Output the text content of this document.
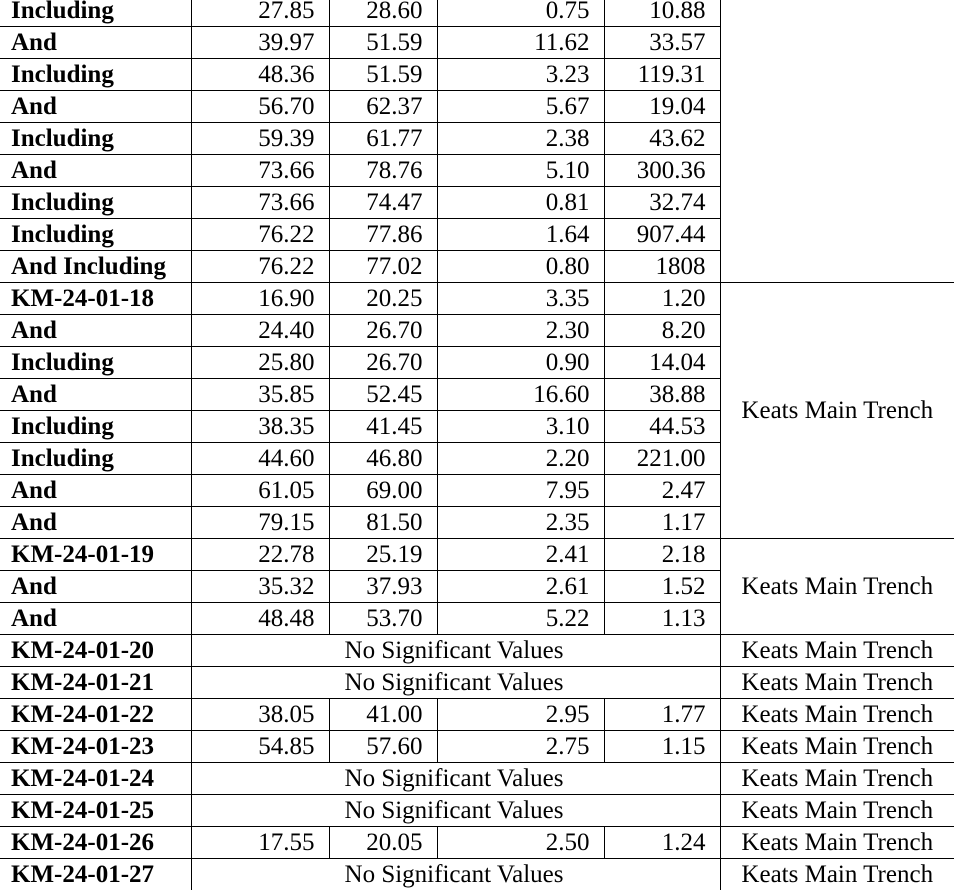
Including	27.85	28.60	0.75	10.88	
And	39.97	51.59	11.62	33.57	
Including	48.36	51.59	3.23	119.31	
And	56.70	62.37	5.67	19.04	
Including	59.39	61.77	2.38	43.62	
And	73.66	78.76	5.10	300.36	
Including	73.66	74.47	0.81	32.74	
Including	76.22	77.86	1.64	907.44	
And Including	76.22	77.02	0.80	1808	
KM-24-01-18	16.90	20.25	3.35	1.20	Keats Main Trench
And	24.40	26.70	2.30	8.20	
Including	25.80	26.70	0.90	14.04	
And	35.85	52.45	16.60	38.88	
Including	38.35	41.45	3.10	44.53	
Including	44.60	46.80	2.20	221.00	
And	61.05	69.00	7.95	2.47	
And	79.15	81.50	2.35	1.17	
KM-24-01-19	22.78	25.19	2.41	2.18	Keats Main Trench
And	35.32	37.93	2.61	1.52	
And	48.48	53.70	5.22	1.13	
KM-24-01-20	No Significant Values				Keats Main Trench
KM-24-01-21	No Significant Values				Keats Main Trench
KM-24-01-22	38.05	41.00	2.95	1.77	Keats Main Trench
KM-24-01-23	54.85	57.60	2.75	1.15	Keats Main Trench
KM-24-01-24	No Significant Values				Keats Main Trench
KM-24-01-25	No Significant Values				Keats Main Trench
KM-24-01-26	17.55	20.05	2.50	1.24	Keats Main Trench
KM-24-01-27	No Significant Values				Keats Main Trench
